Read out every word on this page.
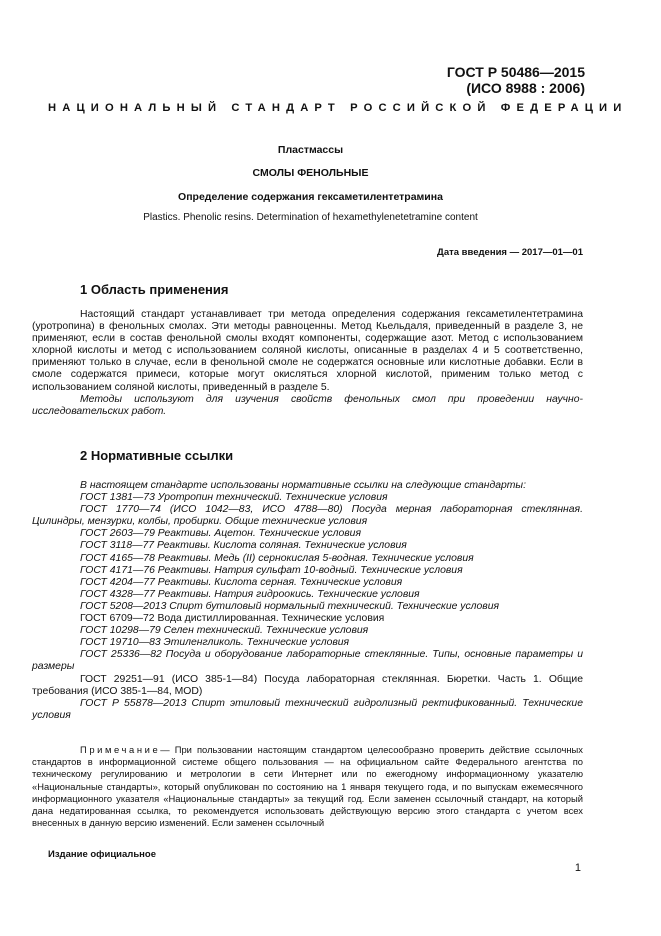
ГОСТ Р 50486—2015
(ИСО 8988 : 2006)
НАЦИОНАЛЬНЫЙ СТАНДАРТ РОССИЙСКОЙ ФЕДЕРАЦИИ
Пластмассы
СМОЛЫ ФЕНОЛЬНЫЕ
Определение содержания гексаметилентетрамина
Plastics. Phenolic resins. Determination of hexamethylenetetramine content
Дата введения — 2017—01—01
1 Область применения

Настоящий стандарт устанавливает три метода определения содержания гексаметилентетрамина (уротропина) в фенольных смолах. Эти методы равноценны. Метод Кьельдаля, приведенный в разделе 3, не применяют, если в состав фенольной смолы входят компоненты, содержащие азот. Метод с использованием хлорной кислоты и метод с использованием соляной кислоты, описанные в разделах 4 и 5 соответственно, применяют только в случае, если в фенольной смоле не содержатся основные или кислотные добавки. Если в смоле содержатся примеси, которые могут окисляться хлорной кислотой, применим только метод с использованием соляной кислоты, приведенный в разделе 5.

Методы используют для изучения свойств фенольных смол при проведении научно-исследовательских работ.

2 Нормативные ссылки

В настоящем стандарте использованы нормативные ссылки на следующие стандарты:

ГОСТ 1381—73 Уротропин технический. Технические условия

ГОСТ 1770—74 (ИСО 1042—83, ИСО 4788—80) Посуда мерная лабораторная стеклянная. Цилиндры, мензурки, колбы, пробирки. Общие технические условия

ГОСТ 2603—79 Реактивы. Ацетон. Технические условия

ГОСТ 3118—77 Реактивы. Кислота соляная. Технические условия

ГОСТ 4165—78 Реактивы. Медь (II) сернокислая 5-водная. Технические условия

ГОСТ 4171—76 Реактивы. Натрия сульфат 10-водный. Технические условия

ГОСТ 4204—77 Реактивы. Кислота серная. Технические условия

ГОСТ 4328—77 Реактивы. Натрия гидроокись. Технические условия

ГОСТ 5208—2013 Спирт бутиловый нормальный технический. Технические условия

ГОСТ 6709—72 Вода дистиллированная. Технические условия

ГОСТ 10298—79 Селен технический. Технические условия

ГОСТ 19710—83 Этиленгликоль. Технические условия

ГОСТ 25336—82 Посуда и оборудование лабораторные стеклянные. Типы, основные параметры и размеры

ГОСТ 29251—91 (ИСО 385-1—84) Посуда лабораторная стеклянная. Бюретки. Часть 1. Общие требования (ИСО 385-1—84, MOD)

ГОСТ Р 55878—2013 Спирт этиловый технический гидролизный ректификованный. Технические условия

Примечание— При пользовании настоящим стандартом целесообразно проверить действие ссылочных стандартов в информационной системе общего пользования — на официальном сайте Федерального агентства по техническому регулированию и метрологии в сети Интернет или по ежегодному информационному указателю «Национальные стандарты», который опубликован по состоянию на 1 января текущего года, и по выпускам ежемесячного информационного указателя «Национальные стандарты» за текущий год. Если заменен ссылочный стандарт, на который дана недатированная ссылка, то рекомендуется использовать действующую версию этого стандарта с учетом всех внесенных в данную версию изменений. Если заменен ссылочный

Издание официальное
1
